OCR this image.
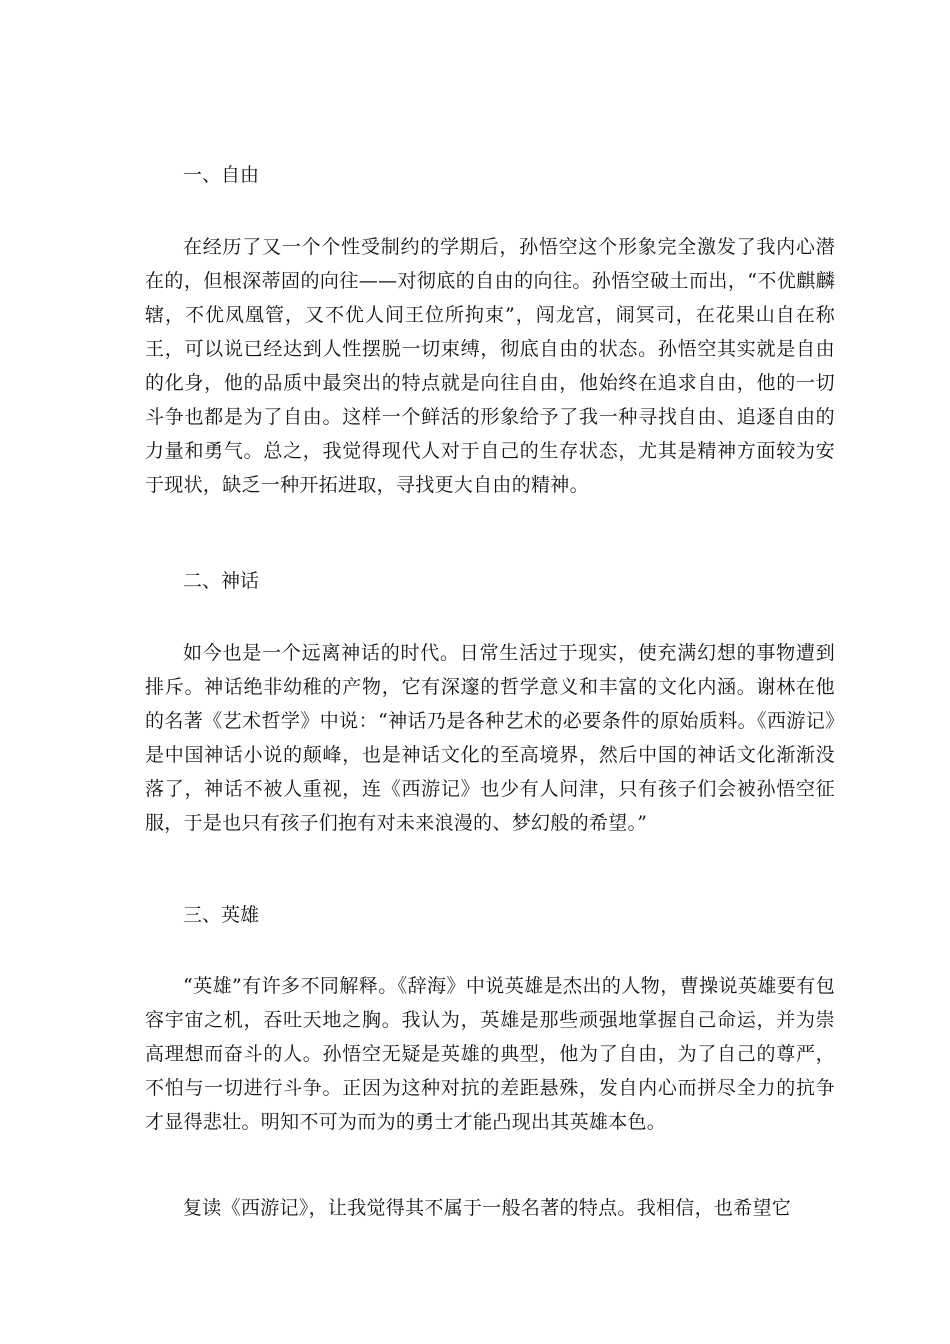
一、自由
在经历了又一个个性受制约的学期后，孙悟空这个形象完全激发了我内心潜在的，但根深蒂固的向往——对彻底的自由的向往。孙悟空破土而出，“不优麒麟辖，不优凤凰管，又不优人间王位所拘束”，闯龙宫，闹冥司，在花果山自在称王，可以说已经达到人性摆脱一切束缚，彻底自由的状态。孙悟空其实就是自由的化身，他的品质中最突出的特点就是向往自由，他始终在追求自由，他的一切斗争也都是为了自由。这样一个鲜活的形象给予了我一种寻找自由、追逐自由的力量和勇气。总之，我觉得现代人对于自己的生存状态，尤其是精神方面较为安于现状，缺乏一种开拓进取，寻找更大自由的精神。
二、神话
如今也是一个远离神话的时代。日常生活过于现实，使充满幻想的事物遭到排斥。神话绝非幼稚的产物，它有深邃的哲学意义和丰富的文化内涵。谢林在他的名著《艺术哲学》中说：“神话乃是各种艺术的必要条件的原始质料。《西游记》是中国神话小说的颠峰，也是神话文化的至高境界，然后中国的神话文化渐渐没落了，神话不被人重视，连《西游记》也少有人问津，只有孩子们会被孙悟空征服，于是也只有孩子们抱有对未来浪漫的、梦幻般的希望。”
三、英雄
“英雄”有许多不同解释。《辞海》中说英雄是杰出的人物，曹操说英雄要有包容宇宙之机，吞吐天地之胸。我认为，英雄是那些顽强地掌握自己命运，并为崇高理想而奋斗的人。孙悟空无疑是英雄的典型，他为了自由，为了自己的尊严，不怕与一切进行斗争。正因为这种对抗的差距悬殊，发自内心而拼尽全力的抗争才显得悲壮。明知不可为而为的勇士才能凸现出其英雄本色。
复读《西游记》，让我觉得其不属于一般名著的特点。我相信，也希望它
